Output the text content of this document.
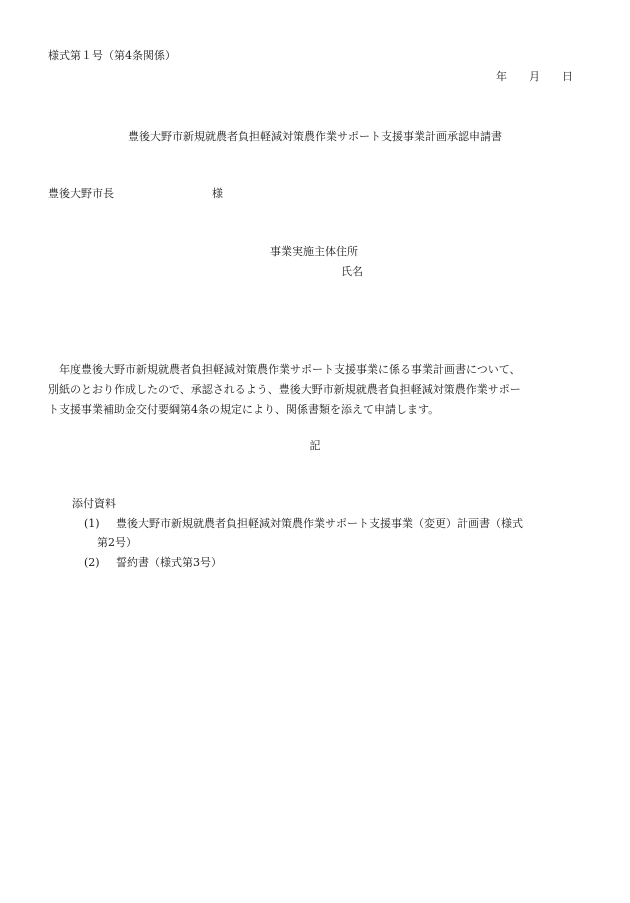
様式第１号（第4条関係）
年 月 日
豊後大野市新規就農者負担軽減対策農作業サポート支援事業計画承認申請書
豊後大野市長	様
事業実施主体住所
氏名
年度豊後大野市新規就農者負担軽減対策農作業サポート支援事業に係る事業計画書について、
別紙のとおり作成したので、承認されるよう、豊後大野市新規就農者負担軽減対策農作業サポー
ト支援事業補助金交付要綱第4条の規定により、関係書類を添えて申請します。
記
添付資料
(1) 豊後大野市新規就農者負担軽減対策農作業サポート支援事業（変更）計画書（様式
第2号）
(2) 誓約書（様式第3号）
